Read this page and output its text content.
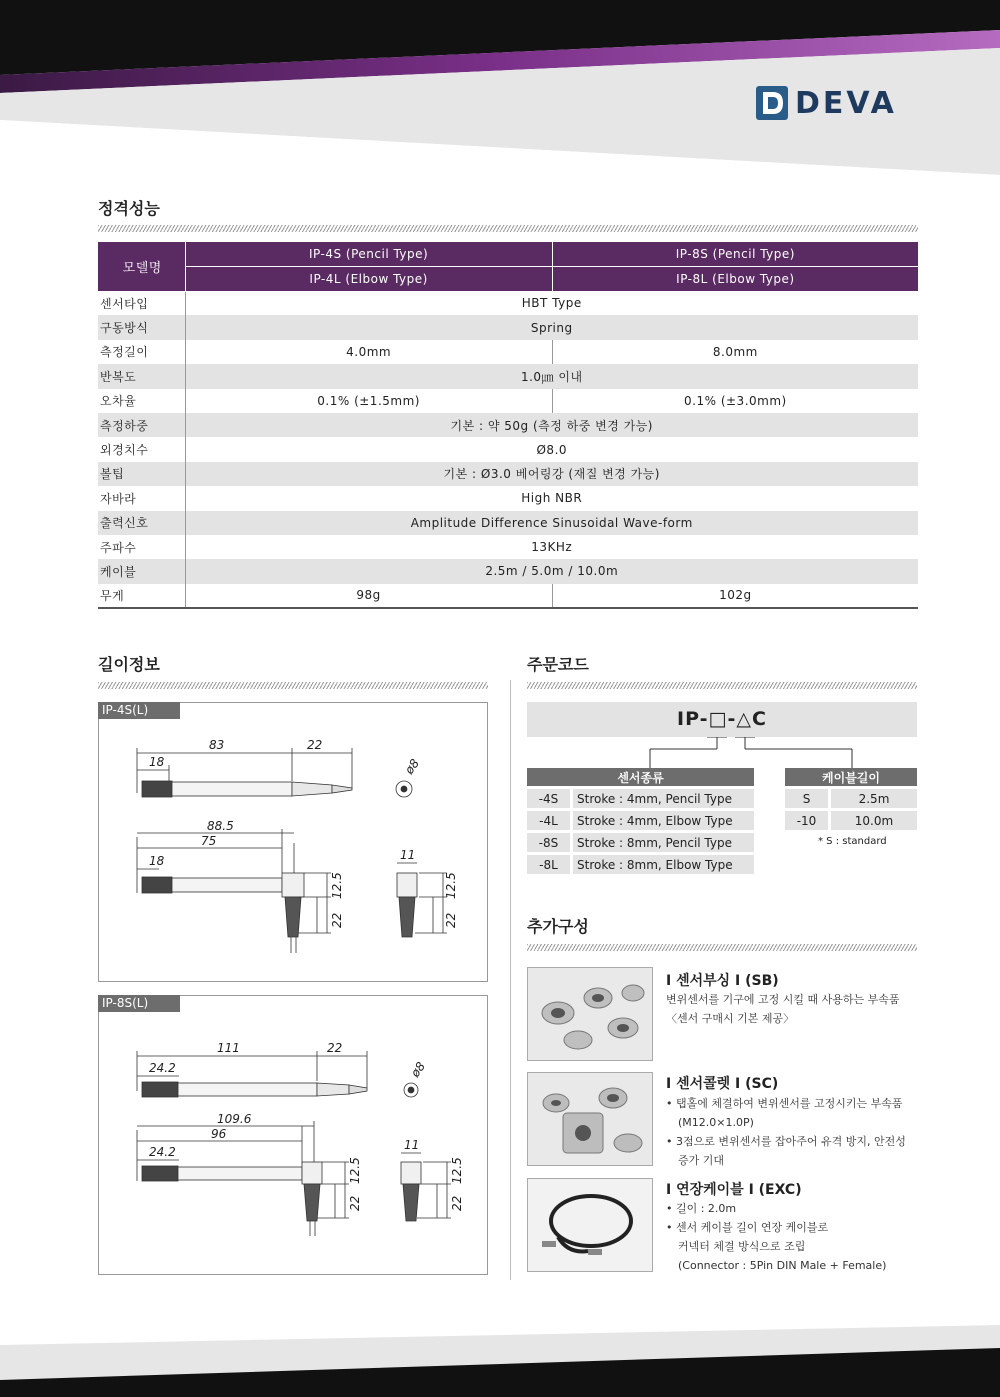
DEVA
정격성능
모델명	IP-4S (Pencil Type)	IP-8S (Pencil Type)
	IP-4L (Elbow Type)	IP-8L (Elbow Type)
센서타입	HBT Type	
구동방식	Spring	
측정길이	4.0mm	8.0mm
반복도	1.0㎛ 이내	
오차율	0.1% (±1.5mm)	0.1% (±3.0mm)
측정하중	기본 : 약 50g (측정 하중 변경 가능)	
외경치수	Ø8.0	
볼팁	기본 : Ø3.0 베어링강 (재질 변경 가능)	
자바라	High NBR	
출력신호	Amplitude Difference Sinusoidal Wave-form	
주파수	13KHz	
케이블	2.5m / 5.0m / 10.0m	
무게	98g	102g
길이정보
IP-4S(L)
83	22
18	ø8
88.5
75
18
22
12.5
11
22
12.5
IP-8S(L)
111	22
24.2	ø8
109.6
96
24.2
22
12.5
11
22
12.5
주문코드
IP-□-△C
센서종류	
-4S	Stroke : 4mm, Pencil Type
-4L	Stroke : 4mm, Elbow Type
-8S	Stroke : 8mm, Pencil Type
-8L	Stroke : 8mm, Elbow Type
케이블길이	
S	2.5m
-10	10.0m
* S : standard
추가구성
I 센서부싱 I (SB)
변위센서를 기구에 고정 시킬 때 사용하는 부속품
〈센서 구매시 기본 제공〉
I 센서콜렛 I (SC)
• 탭홀에 체결하여 변위센서를 고정시키는 부속품
(M12.0×1.0P)
• 3점으로 변위센서를 잡아주어 유격 방지, 안전성
증가 기대
I 연장케이블 I (EXC)
• 길이 : 2.0m
• 센서 케이블 길이 연장 케이블로
커넥터 체결 방식으로 조립
(Connector : 5Pin DIN Male + Female)
